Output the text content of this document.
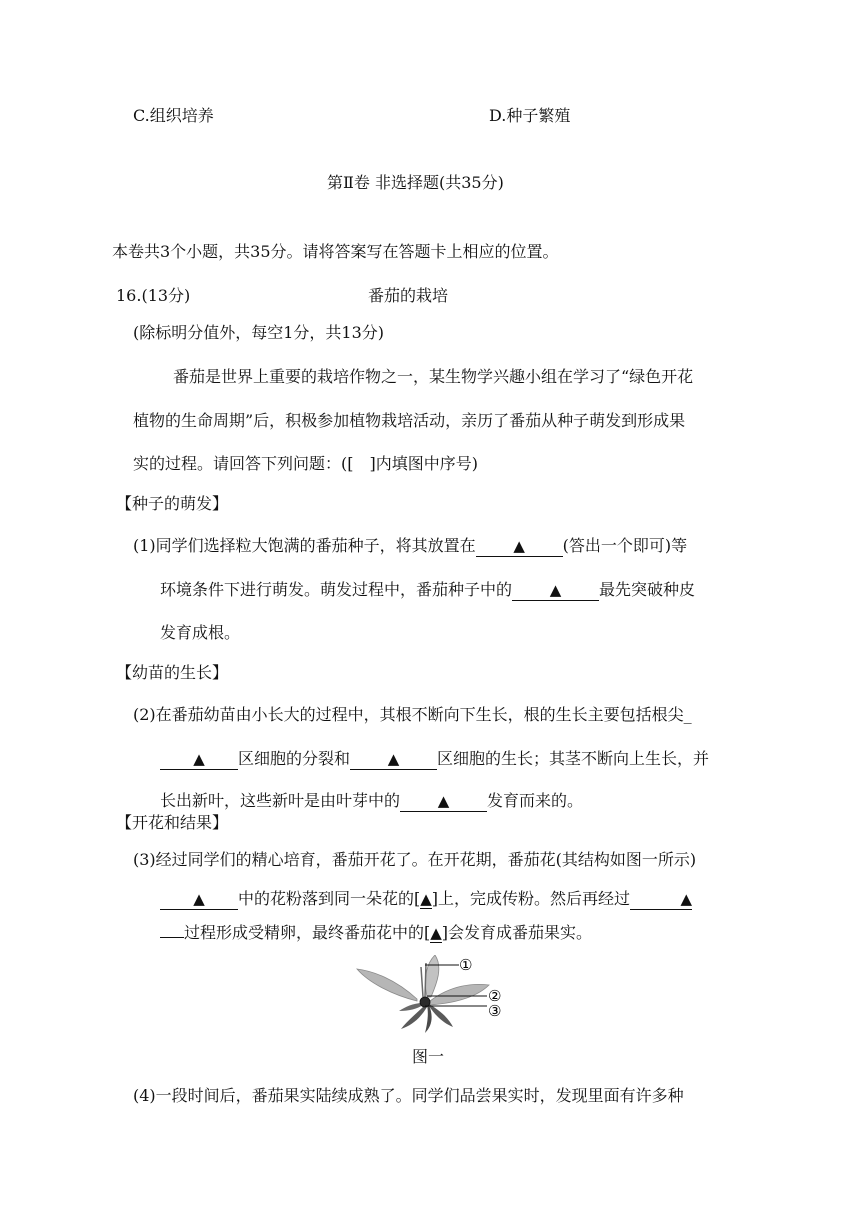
C.组织培养	D.种子繁殖
第Ⅱ卷 非选择题(共35分)
本卷共3个小题，共35分。请将答案写在答题卡上相应的位置。
16.(13分)	番茄的栽培
(除标明分值外，每空1分，共13分)
番茄是世界上重要的栽培作物之一，某生物学兴趣小组在学习了“绿色开花
植物的生命周期”后，积极参加植物栽培活动，亲历了番茄从种子萌发到形成果
实的过程。请回答下列问题：([　]内填图中序号)
【种子的萌发】
(1)同学们选择粒大饱满的番茄种子，将其放置在	▲ (答出一个即可)等
环境条件下进行萌发。萌发过程中，番茄种子中的	▲ 最先突破种皮
发育成根。
【幼苗的生长】
(2)在番茄幼苗由小长大的过程中，其根不断向下生长，根的生长主要包括根尖_
▲ 区细胞的分裂和	▲ 区细胞的生长；其茎不断向上生长，并
长出新叶，这些新叶是由叶芽中的	▲ 发育而来的。
【开花和结果】
(3)经过同学们的精心培育，番茄开花了。在开花期，番茄花(其结构如图一所示)
▲ 中的花粉落到同一朵花的[▲]上，完成传粉。然后再经过	▲
过程形成受精卵，最终番茄花中的[▲]会发育成番茄果实。
①
②
③
图一
(4)一段时间后，番茄果实陆续成熟了。同学们品尝果实时，发现里面有许多种
